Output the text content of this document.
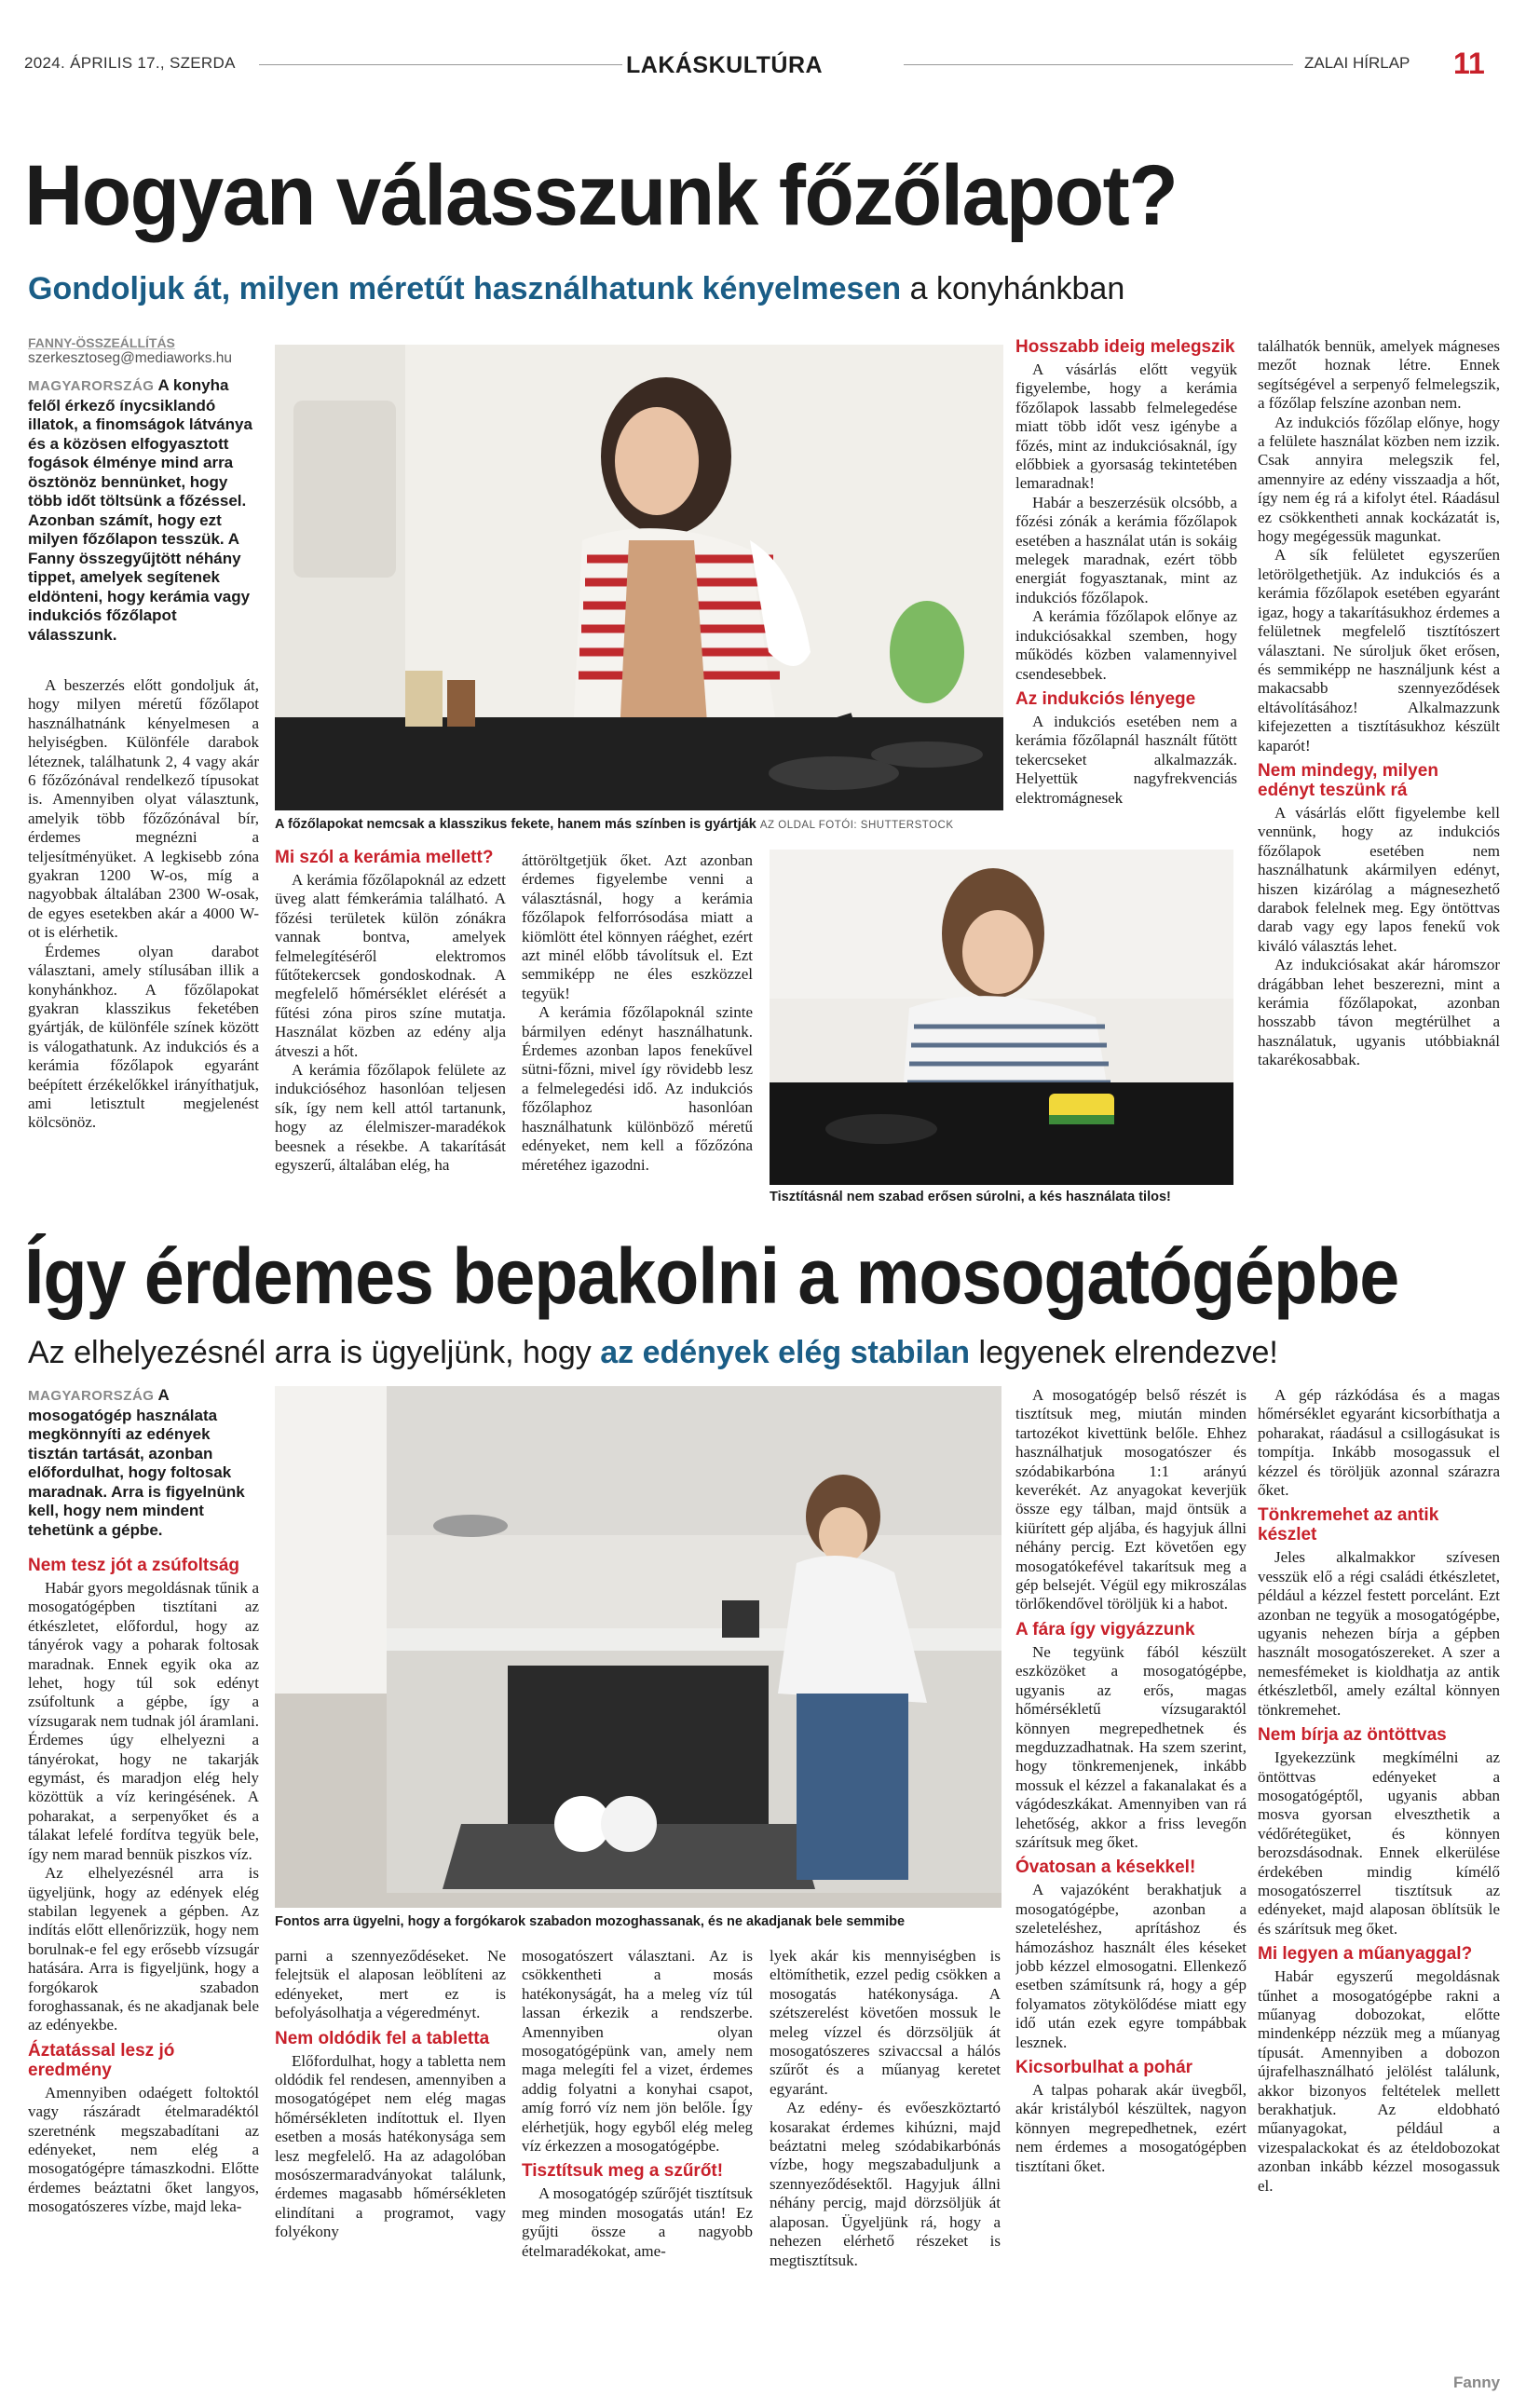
2024. ÁPRILIS 17., SZERDA	LAKÁSKULTÚRA	ZALAI HÍRLAP 11
Hogyan válasszunk főzőlapot?
Gondoljuk át, milyen méretűt használhatunk kényelmesen a konyhánkban
FANNY-ÖSSZEÁLLÍTÁS
szerkesztoseg@mediaworks.hu
MAGYARORSZÁG A konyha felől érkező ínycsiklandó illatok, a finomságok látványa és a közösen elfogyasztott fogások élménye mind arra ösztönöz bennünket, hogy több időt töltsünk a főzéssel. Azonban számít, hogy ezt milyen főzőlapon tesszük. A Fanny összegyűjtött néhány tippet, amelyek segítenek eldönteni, hogy kerámia vagy indukciós főzőlapot válasszunk.

A beszerzés előtt gondoljuk át, hogy milyen méretű főzőlapot használhatnánk kényelmesen a helyiségben. Különféle darabok léteznek, találhatunk 2, 4 vagy akár 6 főzőzónával rendelkező típusokat is. Amennyiben olyat választunk, amelyik több főzőzónával bír, érdemes megnézni a teljesítményüket. A legkisebb zóna gyakran 1200 W-os, míg a nagyobbak általában 2300 W-osak, de egyes esetekben akár a 4000 W-ot is elérhetik.

Érdemes olyan darabot választani, amely stílusában illik a konyhánkhoz. A főzőlapokat gyakran klasszikus feketében gyártják, de különféle színek között is válogathatunk. Az indukciós és a kerámia főzőlapok egyaránt beépített érzékelőkkel irányíthatjuk, ami letisztult megjelenést kölcsönöz.

A főzőlapokat nemcsak a klasszikus fekete, hanem más színben is gyártják AZ OLDAL FOTÓI: SHUTTERSTOCK
Mi szól a kerámia mellett?

A kerámia főzőlapoknál az edzett üveg alatt fémkerámia található. A főzési területek külön zónákra vannak bontva, amelyek felmelegítéséről elektromos fűtőtekercsek gondoskodnak. A megfelelő hőmérséklet elérését a fűtési zóna piros színe mutatja. Használat közben az edény alja átveszi a hőt.

A kerámia főzőlapok felülete az indukcióséhoz hasonlóan teljesen sík, így nem kell attól tartanunk, hogy az élelmiszer-maradékok beesnek a résekbe. A takarítását egyszerű, általában elég, ha

áttöröltgetjük őket. Azt azonban érdemes figyelembe venni a választásnál, hogy a kerámia főzőlapok felforrósodása miatt a kiömlött étel könnyen ráéghet, ezért azt minél előbb távolítsuk el. Ezt semmiképp ne éles eszközzel tegyük!

A kerámia főzőlapoknál szinte bármilyen edényt használhatunk. Érdemes azonban lapos fenekűvel sütni-főzni, mivel így rövidebb lesz a felmelegedési idő. Az indukciós főzőlaphoz hasonlóan használhatunk különböző méretű edényeket, nem kell a főzőzóna méretéhez igazodni.

Tisztításnál nem szabad erősen súrolni, a kés használata tilos!
Hosszabb ideig melegszik

A vásárlás előtt vegyük figyelembe, hogy a kerámia főzőlapok lassabb felmelegedése miatt több időt vesz igénybe a főzés, mint az indukciósaknál, így előbbiek a gyorsaság tekintetében lemaradnak!

Habár a beszerzésük olcsóbb, a főzési zónák a kerámia főzőlapok esetében a használat után is sokáig melegek maradnak, ezért több energiát fogyasztanak, mint az indukciós főzőlapok.

A kerámia főzőlapok előnye az indukciósakkal szemben, hogy működés közben valamennyivel csendesebbek.

Az indukciós lényege

A indukciós esetében nem a kerámia főzőlapnál használt fűtött tekercseket alkalmazzák. Helyettük nagyfrekvenciás elektromágnesek

találhatók bennük, amelyek mágneses mezőt hoznak létre. Ennek segítségével a serpenyő felmelegszik, a főzőlap felszíne azonban nem.

Az indukciós főzőlap előnye, hogy a felülete használat közben nem izzik. Csak annyira melegszik fel, amennyire az edény visszaadja a hőt, így nem ég rá a kifolyt étel. Ráadásul ez csökkentheti annak kockázatát is, hogy megégessük magunkat.

A sík felületet egyszerűen letörölgethetjük. Az indukciós és a kerámia főzőlapok esetében egyaránt igaz, hogy a takarításukhoz érdemes a felületnek megfelelő tisztítószert választani. Ne súroljuk őket erősen, és semmiképp ne használjunk kést a makacsabb szennyeződések eltávolításához! Alkalmazzunk kifejezetten a tisztításukhoz készült kaparót!

Nem mindegy, milyen edényt teszünk rá

A vásárlás előtt figyelembe kell vennünk, hogy az indukciós főzőlapok esetében nem használhatunk akármilyen edényt, hiszen kizárólag a mágnesezhető darabok felelnek meg. Egy öntöttvas darab vagy egy lapos fenekű vok kiváló választás lehet.

Az indukciósakat akár háromszor drágábban lehet beszerezni, mint a kerámia főzőlapokat, azonban hosszabb távon megtérülhet a használatuk, ugyanis utóbbiaknál takarékosabbak.

Így érdemes bepakolni a mosogatógépbe
Az elhelyezésnél arra is ügyeljünk, hogy az edények elég stabilan legyenek elrendezve!
MAGYARORSZÁG A mosogatógép használata megkönnyíti az edények tisztán tartását, azonban előfordulhat, hogy foltosak maradnak. Arra is figyelnünk kell, hogy nem mindent tehetünk a gépbe.
Nem tesz jót a zsúfoltság

Habár gyors megoldásnak tűnik a mosogatógépben tisztítani az étkészletet, előfordul, hogy az tányérok vagy a poharak foltosak maradnak. Ennek egyik oka az lehet, hogy túl sok edényt zsúfoltunk a gépbe, így a vízsugarak nem tudnak jól áramlani. Érdemes úgy elhelyezni a tányérokat, hogy ne takarják egymást, és maradjon elég hely közöttük a víz keringésének. A poharakat, a serpenyőket és a tálakat lefelé fordítva tegyük bele, így nem marad bennük piszkos víz.

Az elhelyezésnél arra is ügyeljünk, hogy az edények elég stabilan legyenek a gépben. Az indítás előtt ellenőrizzük, hogy nem borulnak-e fel egy erősebb vízsugár hatására. Arra is figyeljünk, hogy a forgókarok szabadon foroghassanak, és ne akadjanak bele az edényekbe.

Áztatással lesz jó eredmény

Amennyiben odaégett foltoktól vagy rászáradt ételmaradéktól szeretnénk megszabadítani az edényeket, nem elég a mosogatógépre támaszkodni. Előtte érdemes beáztatni őket langyos, mosogatószeres vízbe, majd leka-

Fontos arra ügyelni, hogy a forgókarok szabadon mozoghassanak, és ne akadjanak bele semmibe

parni a szennyeződéseket. Ne felejtsük el alaposan leöblíteni az edényeket, mert ez is befolyásolhatja a végeredményt.

Nem oldódik fel a tabletta

Előfordulhat, hogy a tabletta nem oldódik fel rendesen, amennyiben a mosogatógépet nem elég magas hőmérsékleten indítottuk el. Ilyen esetben a mosás hatékonysága sem lesz megfelelő. Ha az adagolóban mosószermaradványokat találunk, érdemes magasabb hőmérsékleten elindítani a programot, vagy folyékony

mosogatószert választani. Az is csökkentheti a mosás hatékonyságát, ha a meleg víz túl lassan érkezik a rendszerbe. Amennyiben olyan mosogatógépünk van, amely nem maga melegíti fel a vizet, érdemes addig folyatni a konyhai csapot, amíg forró víz nem jön belőle. Így elérhetjük, hogy egyből elég meleg víz érkezzen a mosogatógépbe.

Tisztítsuk meg a szűrőt!

A mosogatógép szűrőjét tisztítsuk meg minden mosogatás után! Ez gyűjti össze a nagyobb ételmaradékokat, ame-

lyek akár kis mennyiségben is eltömíthetik, ezzel pedig csökken a mosogatás hatékonysága. A szétszerelést követően mossuk le meleg vízzel és dörzsöljük át mosogatószeres szivaccsal a hálós szűrőt és a műanyag keretet egyaránt.

Az edény- és evőeszköztartó kosarakat érdemes kihúzni, majd beáztatni meleg szódabikarbónás vízbe, hogy megszabaduljunk a szennyeződésektől. Hagyjuk állni néhány percig, majd dörzsöljük át alaposan. Ügyeljünk rá, hogy a nehezen elérhető részeket is megtisztítsuk.

A mosogatógép belső részét is tisztítsuk meg, miután minden tartozékot kivettünk belőle. Ehhez használhatjuk mosogatószer és szódabikarbóna 1:1 arányú keverékét. Az anyagokat keverjük össze egy tálban, majd öntsük a kiürített gép aljába, és hagyjuk állni néhány percig. Ezt követően egy mosogatókefével takarítsuk meg a gép belsejét. Végül egy mikroszálas törlőkendővel töröljük ki a habot.

A fára így vigyázzunk

Ne tegyünk fából készült eszközöket a mosogatógépbe, ugyanis az erős, magas hőmérsékletű vízsugaraktól könnyen megrepedhetnek és megduzzadhatnak. Ha szem szerint, hogy tönkremenjenek, inkább mossuk el kézzel a fakanalakat és a vágódeszkákat. Amennyiben van rá lehetőség, akkor a friss levegőn szárítsuk meg őket.

Óvatosan a késekkel!

A vajazóként berakhatjuk a mosogatógépbe, azonban a szeleteléshez, aprításhoz és hámozáshoz használt éles késeket jobb kézzel elmosogatni. Ellenkező esetben számítsunk rá, hogy a gép folyamatos zötykölődése miatt egy idő után ezek egyre tompábbak lesznek.

Kicsorbulhat a pohár

A talpas poharak akár üvegből, akár kristályból készültek, nagyon könnyen megrepedhetnek, ezért nem érdemes a mosogatógépben tisztítani őket.

A gép rázkódása és a magas hőmérséklet egyaránt kicsorbíthatja a poharakat, ráadásul a csillogásukat is tompítja. Inkább mosogassuk el kézzel és töröljük azonnal szárazra őket.

Tönkremehet az antik készlet

Jeles alkalmakkor szívesen vesszük elő a régi családi étkészletet, például a kézzel festett porcelánt. Ezt azonban ne tegyük a mosogatógépbe, ugyanis nehezen bírja a gépben használt mosogatószereket. A szer a nemesfémeket is kioldhatja az antik étkészletből, amely ezáltal könnyen tönkremehet.

Nem bírja az öntöttvas

Igyekezzünk megkímélni az öntöttvas edényeket a mosogatógéptől, ugyanis abban mosva gyorsan elveszthetik a védőrétegüket, és könnyen berozsdásodnak. Ennek elkerülése érdekében mindig kímélő mosogatószerrel tisztítsuk az edényeket, majd alaposan öblítsük le és szárítsuk meg őket.

Mi legyen a műanyaggal?

Habár egyszerű megoldásnak tűnhet a mosogatógépbe rakni a műanyag dobozokat, előtte mindenképp nézzük meg a műanyag típusát. Amennyiben a dobozon újrafelhasználható jelölést találunk, akkor bizonyos feltételek mellett berakhatjuk. Az eldobható műanyagokat, például a vizespalackokat és az ételdobozokat azonban inkább kézzel mosogassuk el.

Fanny
